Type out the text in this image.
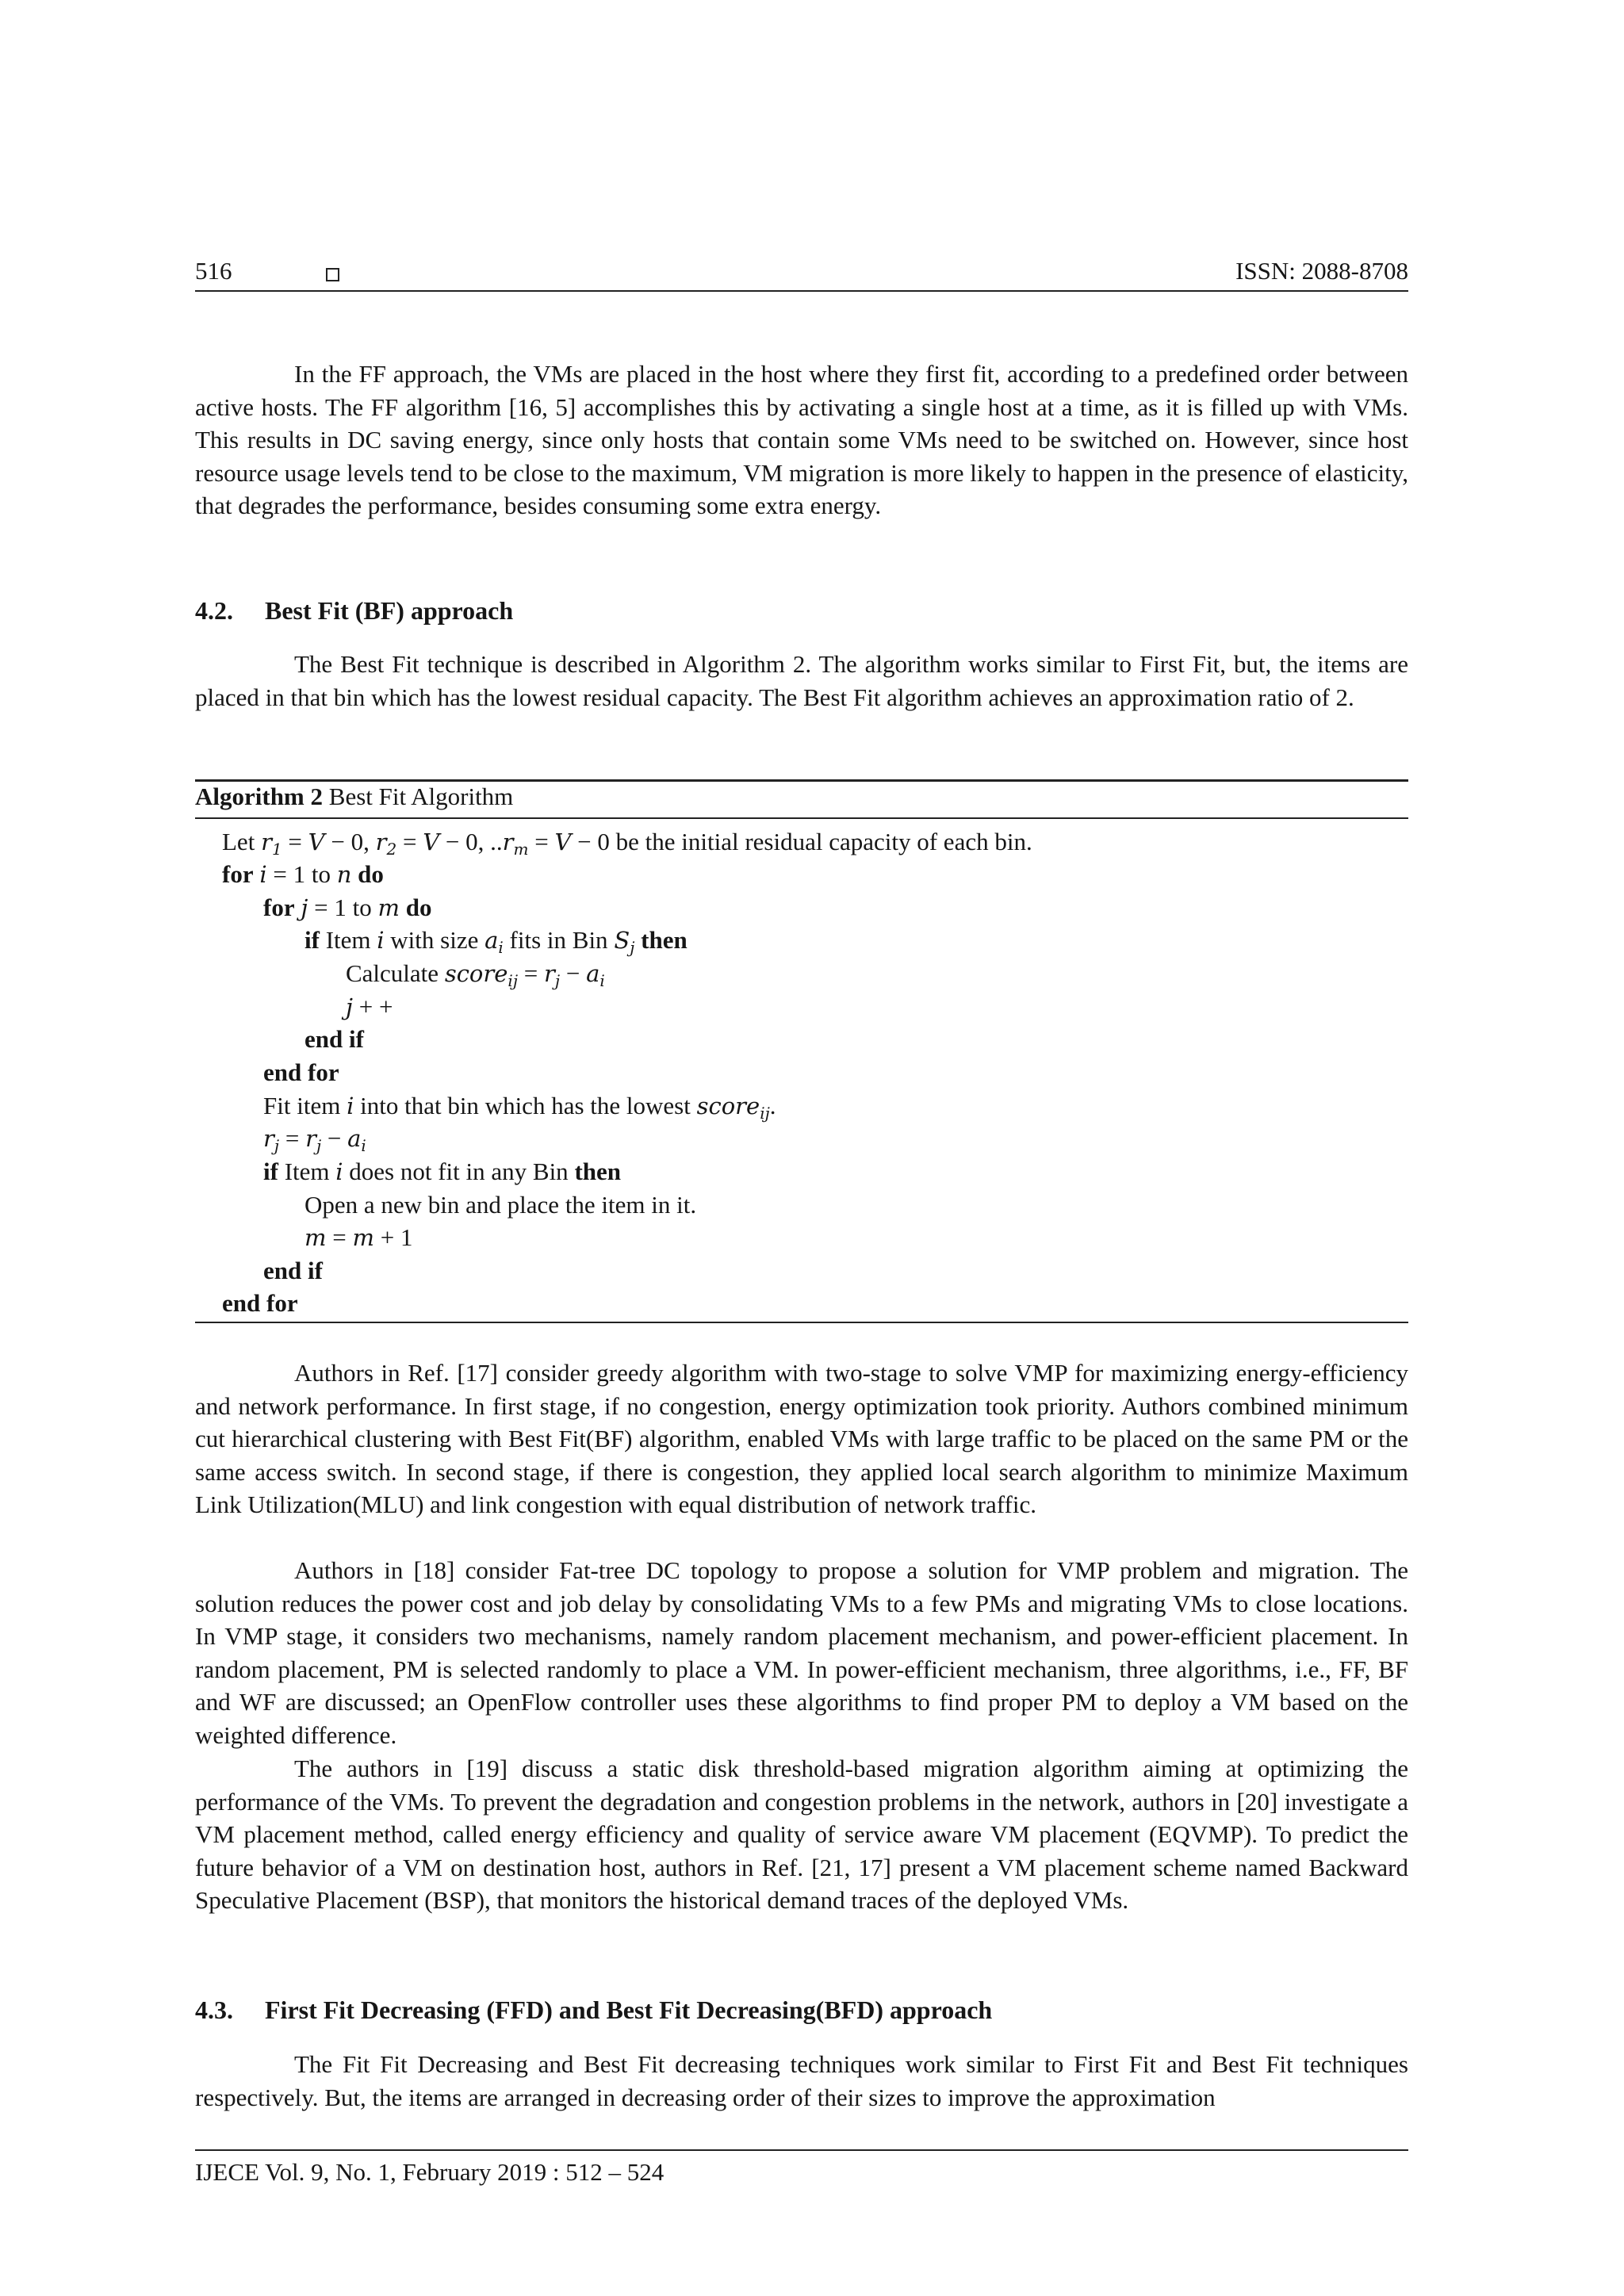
516	ISSN: 2088-8708

In the FF approach, the VMs are placed in the host where they first fit, according to a predefined order between active hosts. The FF algorithm [16, 5] accomplishes this by activating a single host at a time, as it is filled up with VMs. This results in DC saving energy, since only hosts that contain some VMs need to be switched on. However, since host resource usage levels tend to be close to the maximum, VM migration is more likely to happen in the presence of elasticity, that degrades the performance, besides consuming some extra energy.

4.2. Best Fit (BF) approach

The Best Fit technique is described in Algorithm 2. The algorithm works similar to First Fit, but, the items are placed in that bin which has the lowest residual capacity. The Best Fit algorithm achieves an approximation ratio of 2.

Algorithm 2 Best Fit Algorithm
Let $r_1 = V - 0$, $r_2 = V - 0$, $..r_m = V - 0$ be the initial residual capacity of each bin.
for i = 1 to n do
for j = 1 to m do
if Item i with size $a_i$ fits in Bin $S_j$ then
Calculate score$_{ij}$ = $r_j - a_i$
j + +
end if
end for
Fit item i into that bin which has the lowest score$_{ij}$.
$r_j = r_j - a_i$
if Item i does not fit in any Bin then
Open a new bin and place the item in it.
m = m + 1
end if
end for

Authors in Ref. [17] consider greedy algorithm with two-stage to solve VMP for maximizing energy-efficiency and network performance. In first stage, if no congestion, energy optimization took priority. Authors combined minimum cut hierarchical clustering with Best Fit(BF) algorithm, enabled VMs with large traffic to be placed on the same PM or the same access switch. In second stage, if there is congestion, they applied local search algorithm to minimize Maximum Link Utilization(MLU) and link congestion with equal distribution of network traffic.

Authors in [18] consider Fat-tree DC topology to propose a solution for VMP problem and migration. The solution reduces the power cost and job delay by consolidating VMs to a few PMs and migrating VMs to close locations. In VMP stage, it considers two mechanisms, namely random placement mechanism, and power-efficient placement. In random placement, PM is selected randomly to place a VM. In power-efficient mechanism, three algorithms, i.e., FF, BF and WF are discussed; an OpenFlow controller uses these algorithms to find proper PM to deploy a VM based on the weighted difference.

The authors in [19] discuss a static disk threshold-based migration algorithm aiming at optimizing the performance of the VMs. To prevent the degradation and congestion problems in the network, authors in [20] investigate a VM placement method, called energy efficiency and quality of service aware VM placement (EQVMP). To predict the future behavior of a VM on destination host, authors in Ref. [21, 17] present a VM placement scheme named Backward Speculative Placement (BSP), that monitors the historical demand traces of the deployed VMs.

4.3. First Fit Decreasing (FFD) and Best Fit Decreasing(BFD) approach

The Fit Fit Decreasing and Best Fit decreasing techniques work similar to First Fit and Best Fit techniques respectively. But, the items are arranged in decreasing order of their sizes to improve the approximation

IJECE Vol. 9, No. 1, February 2019 : 512 – 524
